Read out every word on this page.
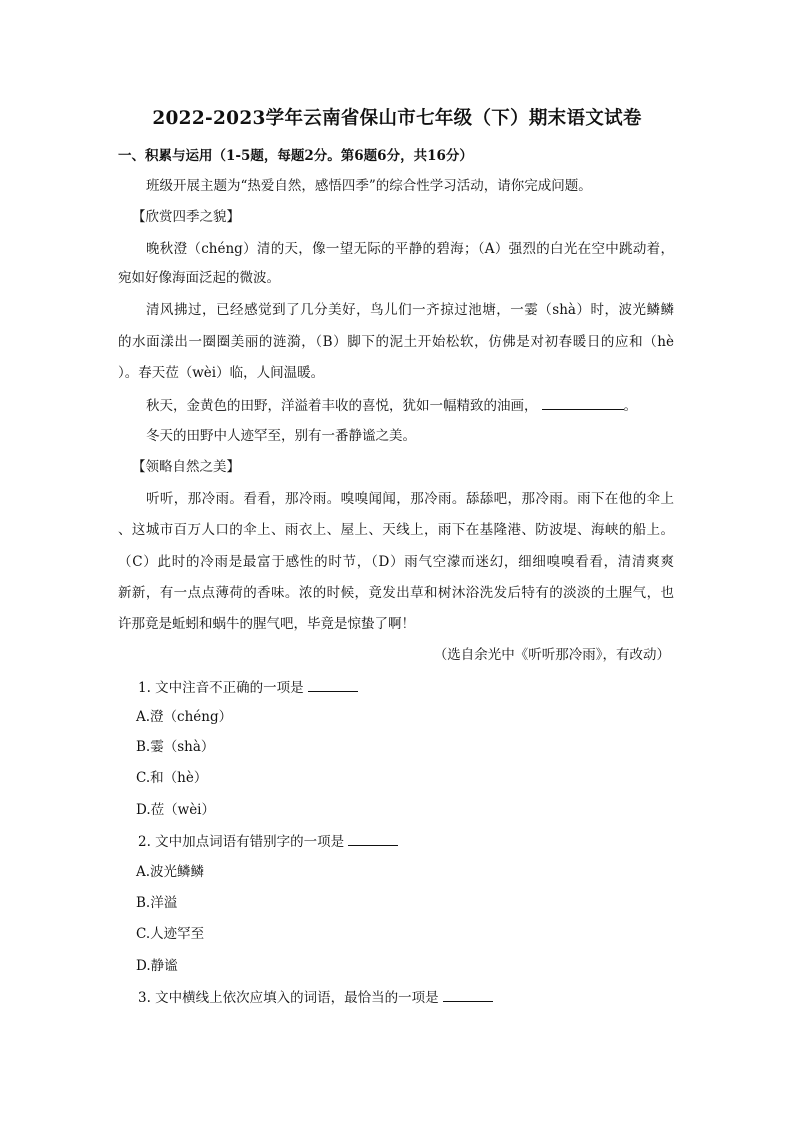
2022-2023学年云南省保山市七年级（下）期末语文试卷
一、积累与运用（1-5题，每题2分。第6题6分，共16分）
班级开展主题为“热爱自然，感悟四季”的综合性学习活动，请你完成问题。
【欣赏四季之貌】
晚秋澄（chéng）清的天，像一望无际的平静的碧海；（A）强烈的白光在空中跳动着，
宛如好像海面泛起的微波。
清风拂过，已经感觉到了几分美好，鸟儿们一齐掠过池塘，一霎（shà）时，波光鳞鳞
的水面漾出一圈圈美丽的涟漪，（B）脚下的泥土开始松软，仿佛是对初春暖日的应和（hè
）。春天莅（wèi）临，人间温暖。
秋天，金黄色的田野，洋溢着丰收的喜悦，犹如一幅精致的油画，	。
冬天的田野中人迹罕至，别有一番静谧之美。
【领略自然之美】
听听，那冷雨。看看，那冷雨。嗅嗅闻闻，那冷雨。舔舔吧，那冷雨。雨下在他的伞上
、这城市百万人口的伞上、雨衣上、屋上、天线上，雨下在基隆港、防波堤、海峡的船上。
（C）此时的冷雨是最富于感性的时节，（D）雨气空濛而迷幻，细细嗅嗅看看，清清爽爽
新新，有一点点薄荷的香味。浓的时候，竟发出草和树沐浴洗发后特有的淡淡的土腥气，也
许那竟是蚯蚓和蜗牛的腥气吧，毕竟是惊蛰了啊！
（选自余光中《听听那冷雨》，有改动）
1. 文中注音不正确的一项是
A.澄（chéng）
B.霎（shà）
C.和（hè）
D.莅（wèi）
2. 文中加点词语有错别字的一项是
A.波光鳞鳞
B.洋溢
C.人迹罕至
D.静谧
3. 文中横线上依次应填入的词语，最恰当的一项是
